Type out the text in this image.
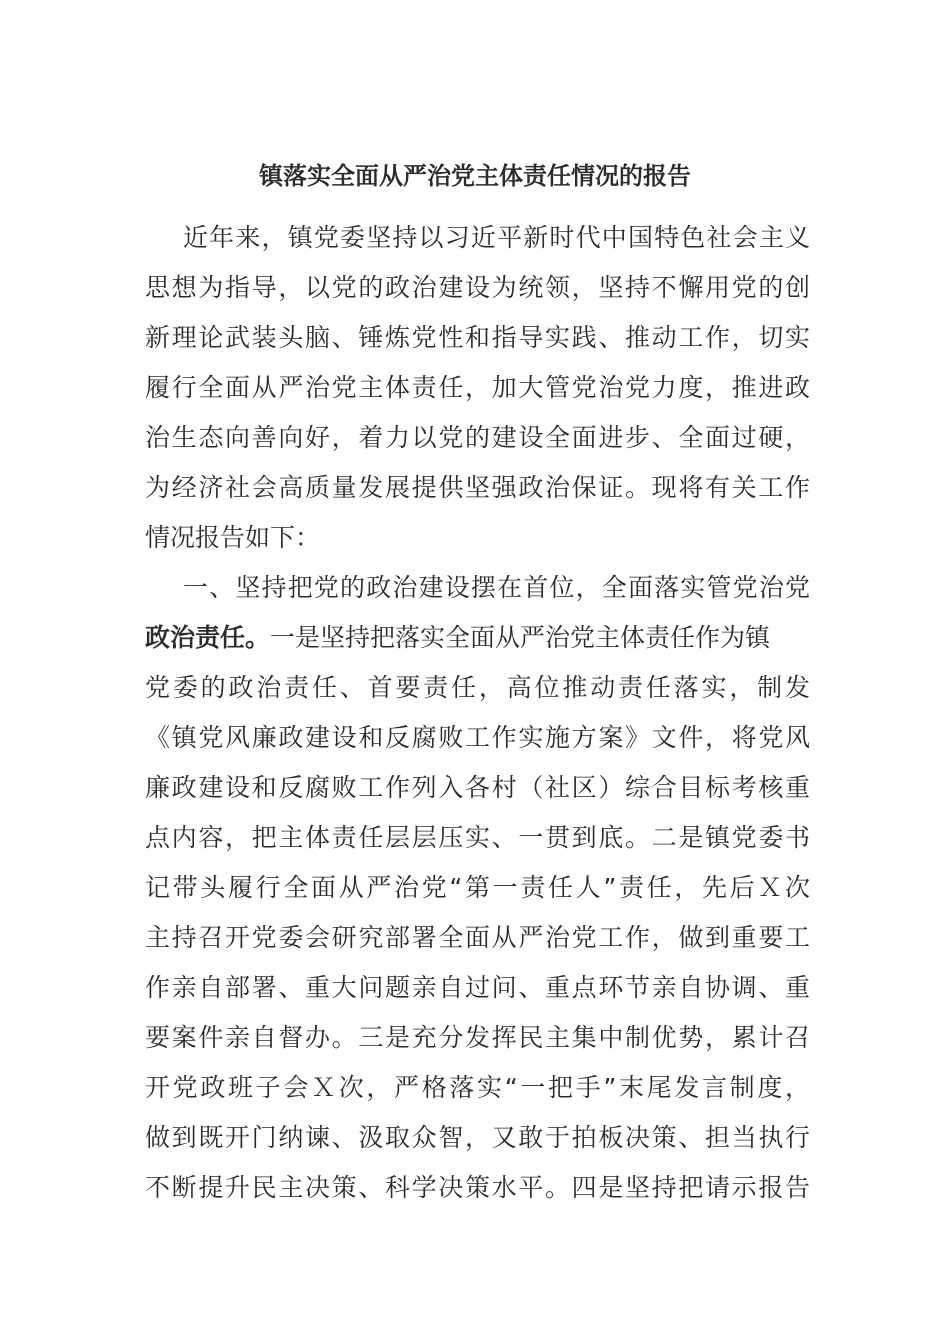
镇落实全面从严治党主体责任情况的报告
近年来，镇党委坚持以习近平新时代中国特色社会主义
思想为指导，以党的政治建设为统领，坚持不懈用党的创
新理论武装头脑、锤炼党性和指导实践、推动工作，切实
履行全面从严治党主体责任，加大管党治党力度，推进政
治生态向善向好，着力以党的建设全面进步、全面过硬，
为经济社会高质量发展提供坚强政治保证。现将有关工作
情况报告如下：
一、坚持把党的政治建设摆在首位，全面落实管党治党
政治责任。一是坚持把落实全面从严治党主体责任作为镇
党委的政治责任、首要责任，高位推动责任落实，制发
《镇党风廉政建设和反腐败工作实施方案》文件，将党风
廉政建设和反腐败工作列入各村（社区）综合目标考核重
点内容，把主体责任层层压实、一贯到底。二是镇党委书
记带头履行全面从严治党“第一责任人”责任，先后Ｘ次
主持召开党委会研究部署全面从严治党工作，做到重要工
作亲自部署、重大问题亲自过问、重点环节亲自协调、重
要案件亲自督办。三是充分发挥民主集中制优势，累计召
开党政班子会Ｘ次，严格落实“一把手”末尾发言制度，
做到既开门纳谏、汲取众智，又敢于拍板决策、担当执行
不断提升民主决策、科学决策水平。四是坚持把请示报告
